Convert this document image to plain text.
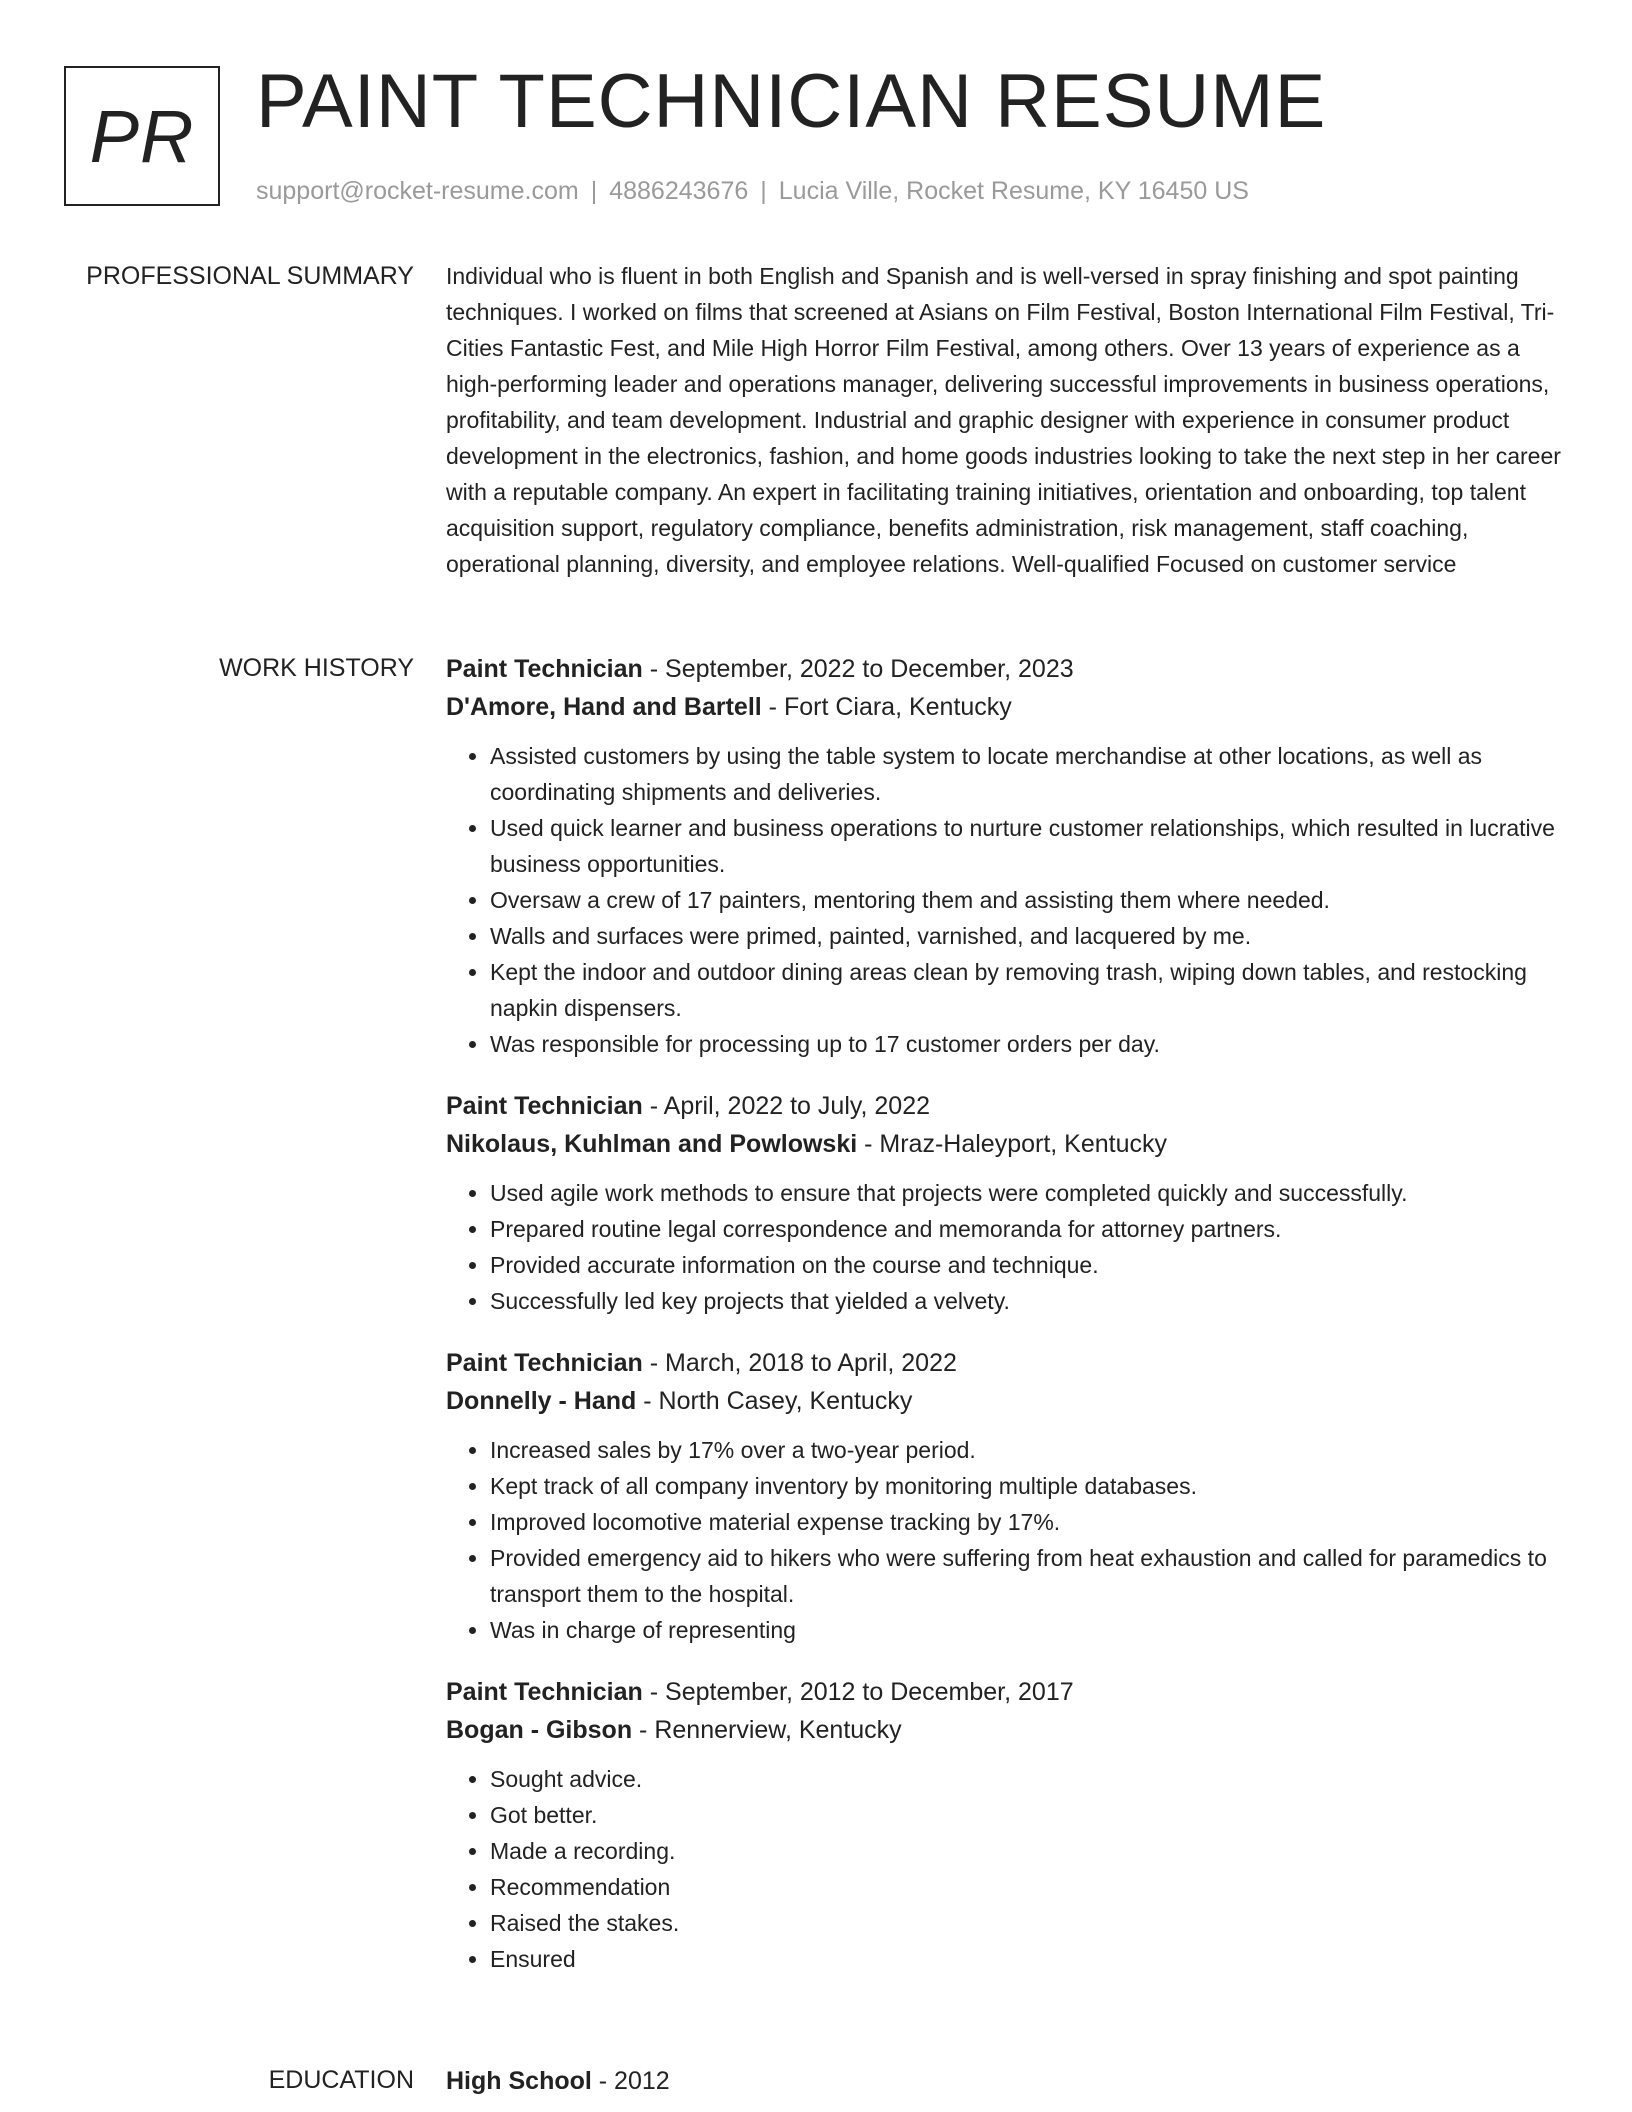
PR PAINT TECHNICIAN RESUME
support@rocket-resume.com | 4886243676 | Lucia Ville, Rocket Resume, KY 16450 US
PROFESSIONAL SUMMARY Individual who is fluent in both English and Spanish and is well-versed in spray finishing and spot painting techniques. I worked on films that screened at Asians on Film Festival, Boston International Film Festival, Tri-Cities Fantastic Fest, and Mile High Horror Film Festival, among others. Over 13 years of experience as a high-performing leader and operations manager, delivering successful improvements in business operations, profitability, and team development. Industrial and graphic designer with experience in consumer product development in the electronics, fashion, and home goods industries looking to take the next step in her career with a reputable company. An expert in facilitating training initiatives, orientation and onboarding, top talent acquisition support, regulatory compliance, benefits administration, risk management, staff coaching, operational planning, diversity, and employee relations. Well-qualified Focused on customer service

WORK HISTORY Paint Technician - September, 2022 to December, 2023
D'Amore, Hand and Bartell - Fort Ciara, Kentucky
• Assisted customers by using the table system to locate merchandise at other locations, as well as coordinating shipments and deliveries.
• Used quick learner and business operations to nurture customer relationships, which resulted in lucrative business opportunities.
• Oversaw a crew of 17 painters, mentoring them and assisting them where needed.
• Walls and surfaces were primed, painted, varnished, and lacquered by me.
• Kept the indoor and outdoor dining areas clean by removing trash, wiping down tables, and restocking napkin dispensers.
• Was responsible for processing up to 17 customer orders per day.
Paint Technician - April, 2022 to July, 2022
Nikolaus, Kuhlman and Powlowski - Mraz-Haleyport, Kentucky
• Used agile work methods to ensure that projects were completed quickly and successfully.
• Prepared routine legal correspondence and memoranda for attorney partners.
• Provided accurate information on the course and technique.
• Successfully led key projects that yielded a velvety.
Paint Technician - March, 2018 to April, 2022
Donnelly - Hand - North Casey, Kentucky
• Increased sales by 17% over a two-year period.
• Kept track of all company inventory by monitoring multiple databases.
• Improved locomotive material expense tracking by 17%.
• Provided emergency aid to hikers who were suffering from heat exhaustion and called for paramedics to transport them to the hospital.
• Was in charge of representing
Paint Technician - September, 2012 to December, 2017
Bogan - Gibson - Rennerview, Kentucky
• Sought advice.
• Got better.
• Made a recording.
• Recommendation
• Raised the stakes.
• Ensured
EDUCATION High School - 2012
